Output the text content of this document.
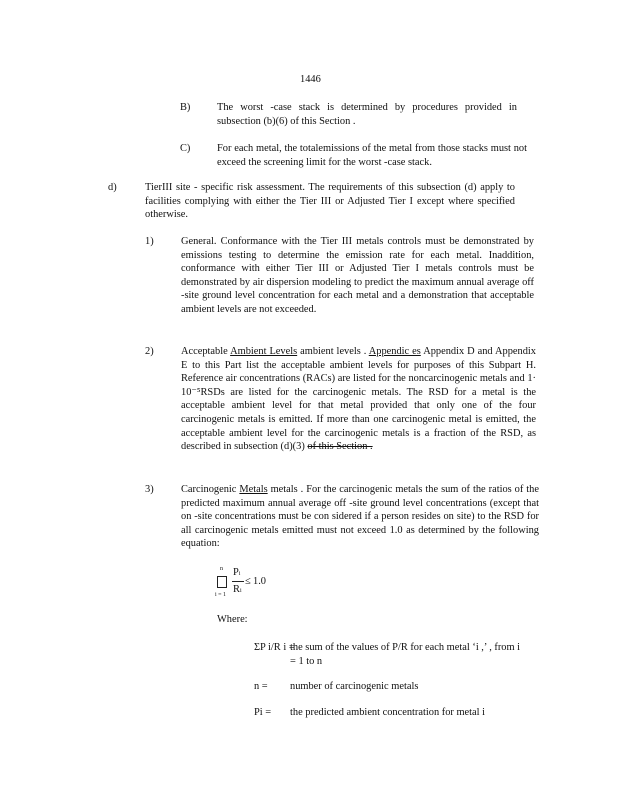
1446
B)	The worst -case stack is determined by procedures provided in subsection (b)(6) of this Section .
C)	For each metal, the totalemissions of the metal from those stacks must not exceed the screening limit for the worst -case stack.
d)	TierIII site - specific risk assessment. The requirements of this subsection (d) apply to facilities complying with either the Tier III or Adjusted Tier I except where specified otherwise.
1)	General. Conformance with the Tier III metals controls must be demonstrated by emissions testing to determine the emission rate for each metal. Inaddition, conformance with either Tier III or Adjusted Tier I metals controls must be demonstrated by air dispersion modeling to predict the maximum annual average off -site ground level concentration for each metal and a demonstration that acceptable ambient levels are not exceeded.
2)	Acceptable Ambient Levels ambient levels . Appendic es Appendix D and Appendix E to this Part list the acceptable ambient levels for purposes of this Subpart H. Reference air concentrations (RACs) are listed for the noncarcinogenic metals and 1· 10⁻⁵RSDs are listed for the carcinogenic metals. The RSD for a metal is the acceptable ambient level for that metal provided that only one of the four carcinogenic metals is emitted. If more than one carcinogenic metal is emitted, the acceptable ambient level for the carcinogenic metals is a fraction of the RSD, as described in subsection (d)(3) of this Section .
3)	Carcinogenic Metals metals . For the carcinogenic metals the sum of the ratios of the predicted maximum annual average off -site ground level concentrations (except that on -site concentrations must be con sidered if a person resides on site) to the RSD for all carcinogenic metals emitted must not exceed 1.0 as determined by the following equation:
n
i = 1
Pi
Ri
≤ 1.0
Where:
ΣP i/R i =
the sum of the values of P/R for each metal ‘i ,’ , from i = 1 to n
n = number of carcinogenic metals
Pi = the predicted ambient concentration for metal i
